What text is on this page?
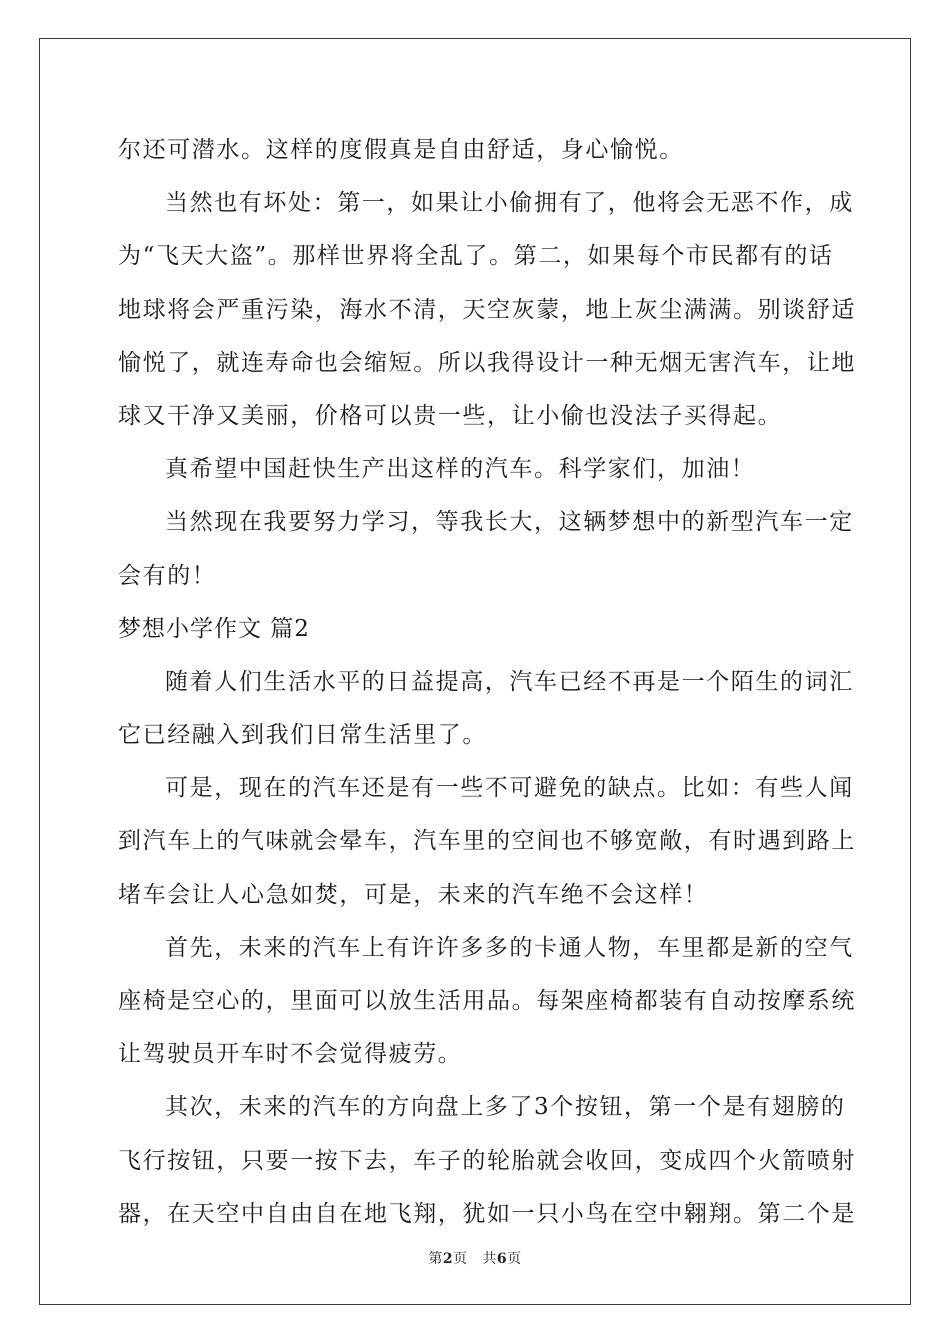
尔还可潜水。这样的度假真是自由舒适，身心愉悦。
当然也有坏处：第一，如果让小偷拥有了，他将会无恶不作，成
为“飞天大盗”。那样世界将全乱了。第二，如果每个市民都有的话
地球将会严重污染，海水不清，天空灰蒙，地上灰尘满满。别谈舒适
愉悦了，就连寿命也会缩短。所以我得设计一种无烟无害汽车，让地
球又干净又美丽，价格可以贵一些，让小偷也没法子买得起。
真希望中国赶快生产出这样的汽车。科学家们，加油！
当然现在我要努力学习，等我长大，这辆梦想中的新型汽车一定
会有的！
梦想小学作文 篇2
随着人们生活水平的日益提高，汽车已经不再是一个陌生的词汇
它已经融入到我们日常生活里了。
可是，现在的汽车还是有一些不可避免的缺点。比如：有些人闻
到汽车上的气味就会晕车，汽车里的空间也不够宽敞，有时遇到路上
堵车会让人心急如焚，可是，未来的汽车绝不会这样！
首先，未来的汽车上有许许多多的卡通人物，车里都是新的空气
座椅是空心的，里面可以放生活用品。每架座椅都装有自动按摩系统
让驾驶员开车时不会觉得疲劳。
其次，未来的汽车的方向盘上多了3个按钮，第一个是有翅膀的
飞行按钮，只要一按下去，车子的轮胎就会收回，变成四个火箭喷射
器，在天空中自由自在地飞翔，犹如一只小鸟在空中翱翔。第二个是
第2页 共6页
